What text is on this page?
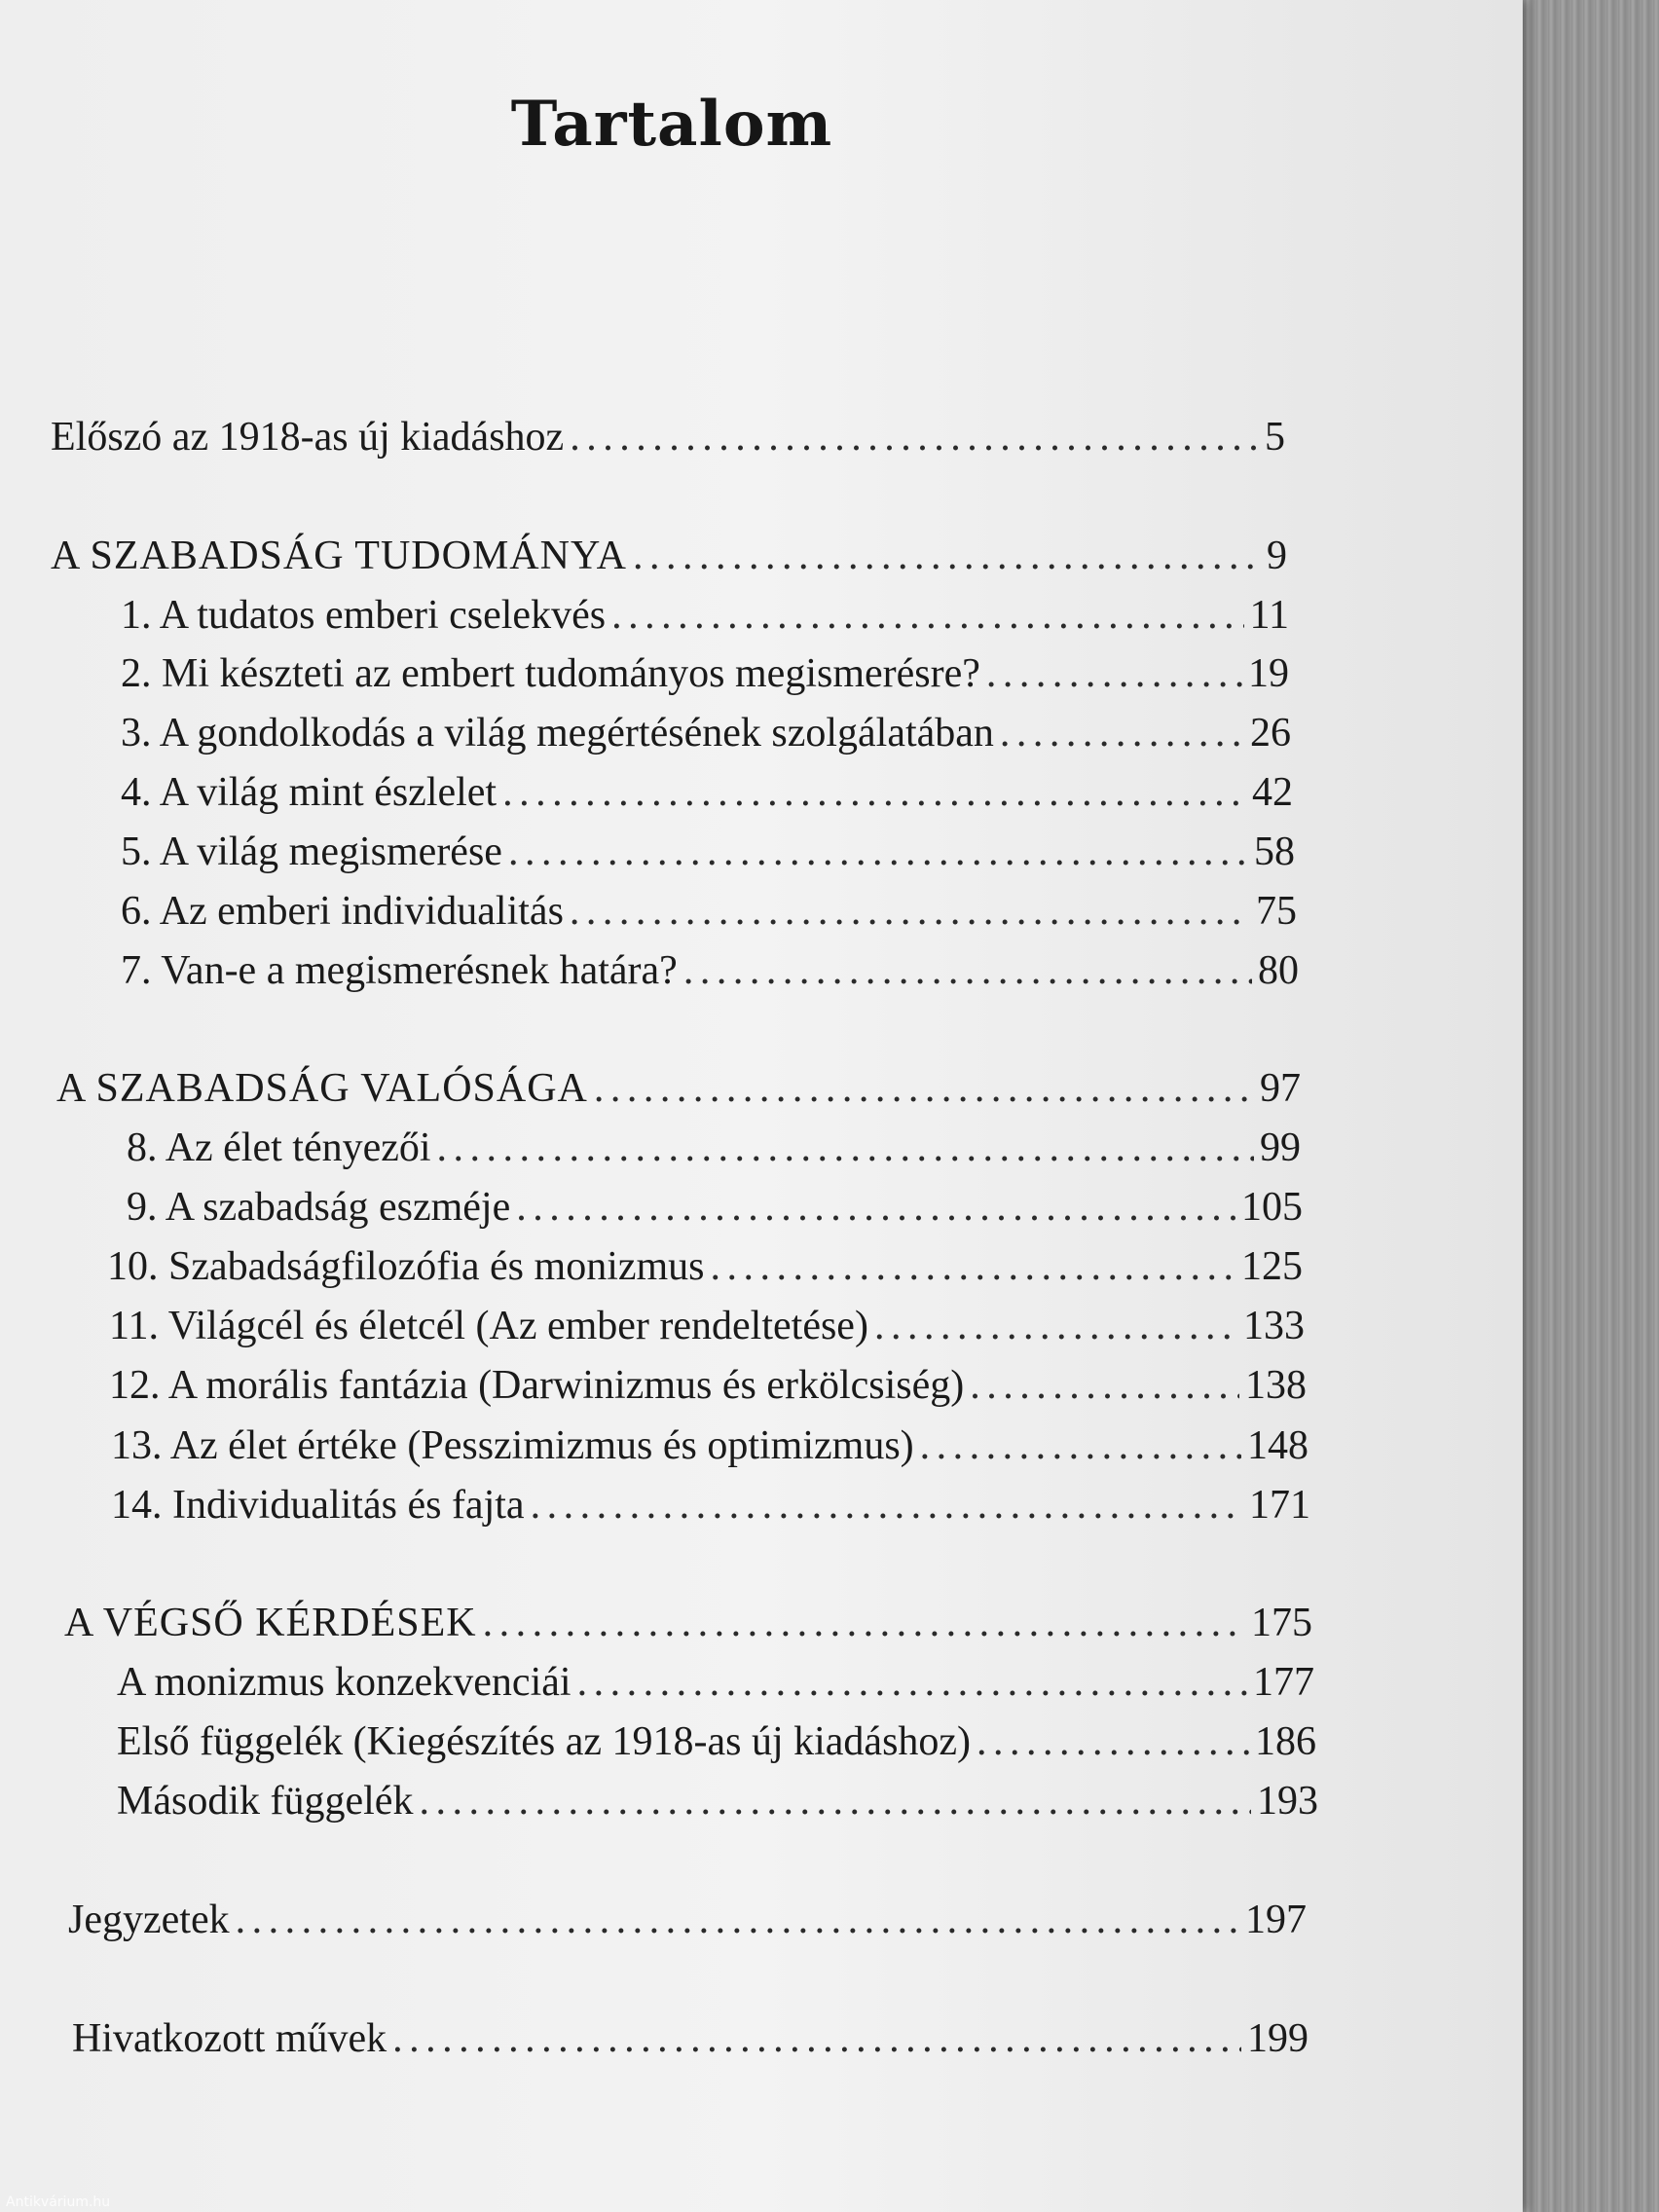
Tartalom
Előszó az 1918-as új kiadáshoz . . .	5
A SZABADSÁG TUDOMÁNYA . . .	9
1. A tudatos emberi cselekvés . . .	11
2. Mi készteti az embert tudományos megismerésre? . . .	19
3. A gondolkodás a világ megértésének szolgálatában . . .	26
4. A világ mint észlelet . . .	42
5. A világ megismerése . . .	58
6. Az emberi individualitás . . .	75
7. Van-e a megismerésnek határa? . . .	80
A SZABADSÁG VALÓSÁGA . . .	97
8. Az élet tényezői . . .	99
9. A szabadság eszméje . . .	105
10. Szabadságfilozófia és monizmus . . .	125
11. Világcél és életcél (Az ember rendeltetése) . . .	133
12. A morális fantázia (Darwinizmus és erkölcsiség) . . .	138
13. Az élet értéke (Pesszimizmus és optimizmus) . . .	148
14. Individualitás és fajta . . .	171
A VÉGSŐ KÉRDÉSEK . . .	175
A monizmus konzekvenciái . . .	177
Első függelék (Kiegészítés az 1918-as új kiadáshoz) . . .	186
Második függelék . . .	193
Jegyzetek . . .	197
Hivatkozott művek . . .	199
Antikvárium.hu
